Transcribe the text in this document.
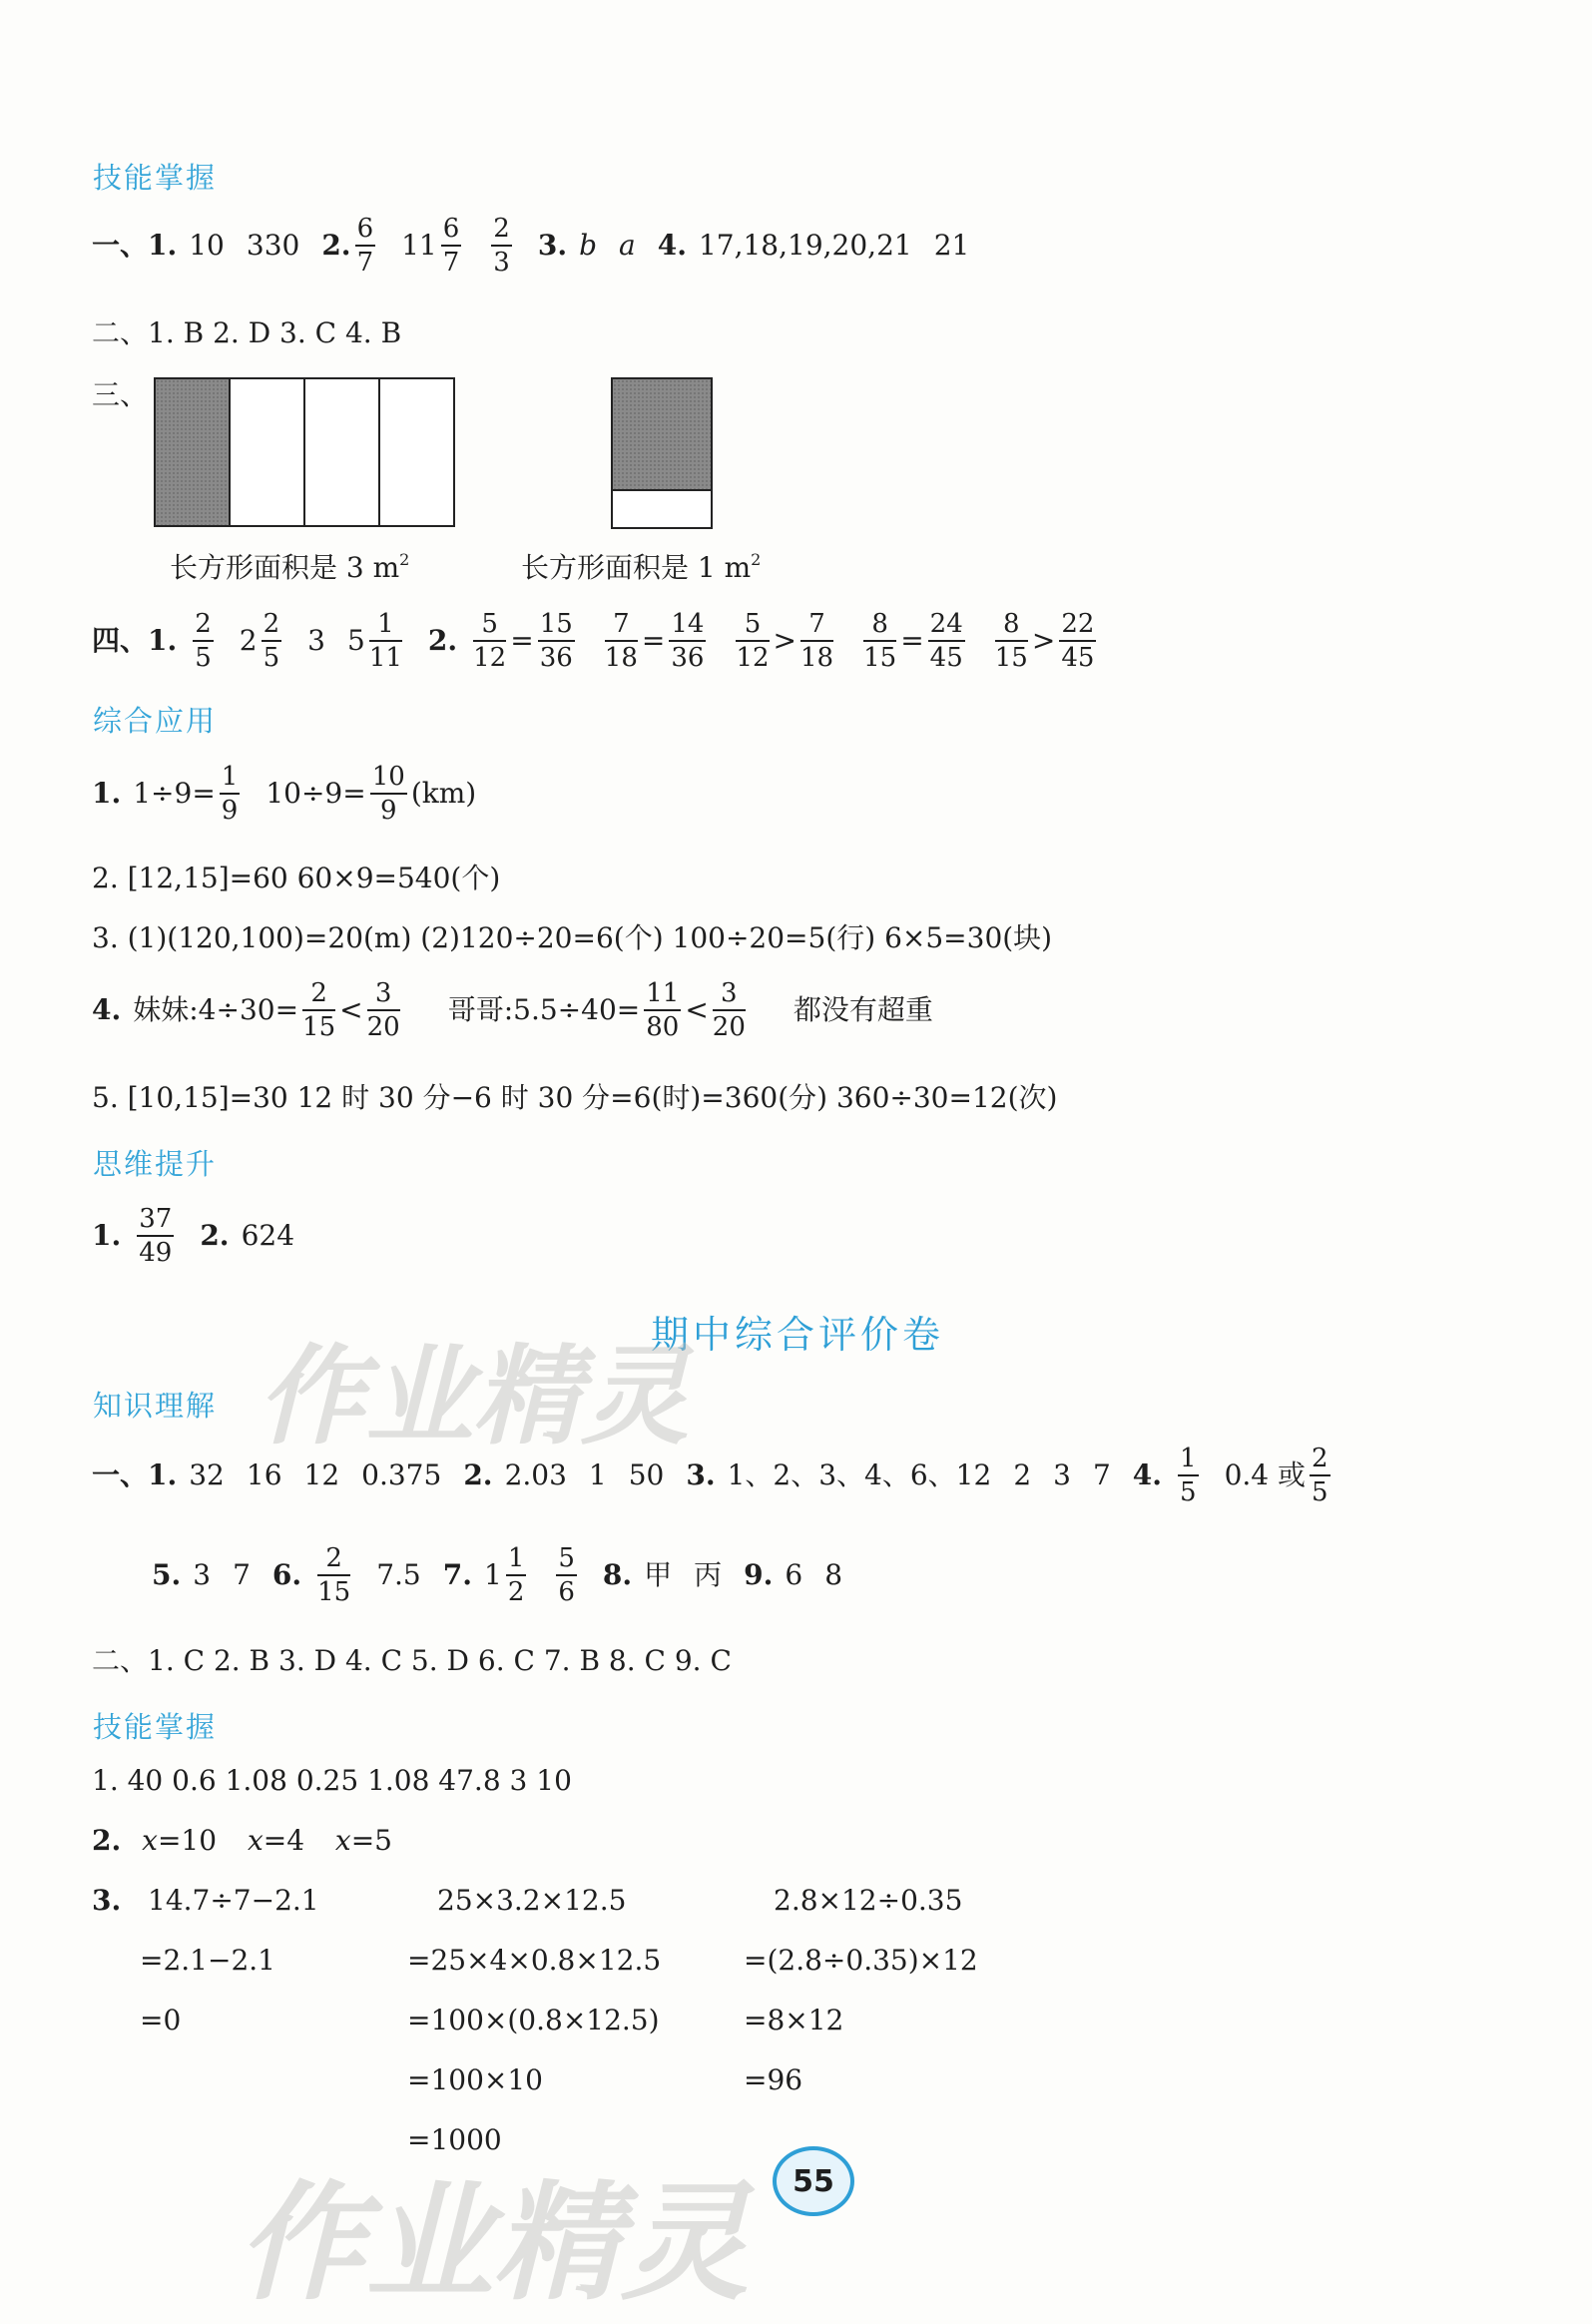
技能掌握
一、1. 10 330 2. $\frac{6}{7} 11 \frac{6}{7} \frac{2}{3} 3$. b a 4. 17,18,19,20,21 21
二、1. B 2. D 3. C 4. B
三、
长方形面积是 3 $m^2$	长方形面积是 1 $m^2$
四、1. $\frac{2}{5} 2 \frac{2}{5} 3$ $5 \frac{1}{11} 2$. $\frac{5}{12} = \frac{15}{36} \frac{7}{18} = \frac{14}{36} \frac{5}{12} > \frac{7}{18} \frac{8}{15} = \frac{24}{45} \frac{8}{15} > \frac{22}{45}$
综合应用
1. $1\div 9= \frac{1}{9} 10\div 9= \frac{10}{9} (km)$
2. [12,15]=60 60×9=540(个)
3. (1)(120,100)=20(m) (2)120÷20=6(个) 100÷20=5(行) 6×5=30(块)
4. 妹妹:4÷30= $\frac{2}{15} < \frac{3}{20}$ 哥哥:5.5÷40= $\frac{11}{80} < \frac{3}{20}$ 都没有超重
5. [10,15]=30 12 时 30 分−6 时 30 分=6(时)=360(分) 360÷30=12(次)
思维提升
1. $\frac{37}{49} 2$. 624
期中综合评价卷
作业精灵
知识理解
一、1. 32 16 12 0.375 2. 2.03 1 50 3. 1、2、3、4、6、12 2 3 7 4. $\frac{1}{5} 0.4$ 或 $\frac{2}{5}$
5. 3 7 6. $\frac{2}{15} 7.5$ 7. $1 \frac{1}{2} \frac{5}{6} 8$. 甲 丙 9. 6 8
二、1. C 2. B 3. D 4. C 5. D 6. C 7. B 8. C 9. C
技能掌握
1. 40 0.6 1.08 0.25 1.08 47.8 3 10
2. x=10 x=4 x=5
3. 14.7÷7−2.1
=2.1−2.1
=0
25×3.2×12.5
=25×4×0.8×12.5
=100×(0.8×12.5)
=100×10
=1000
2.8×12÷0.35
=(2.8÷0.35)×12
=8×12
=96
作业精灵 55
